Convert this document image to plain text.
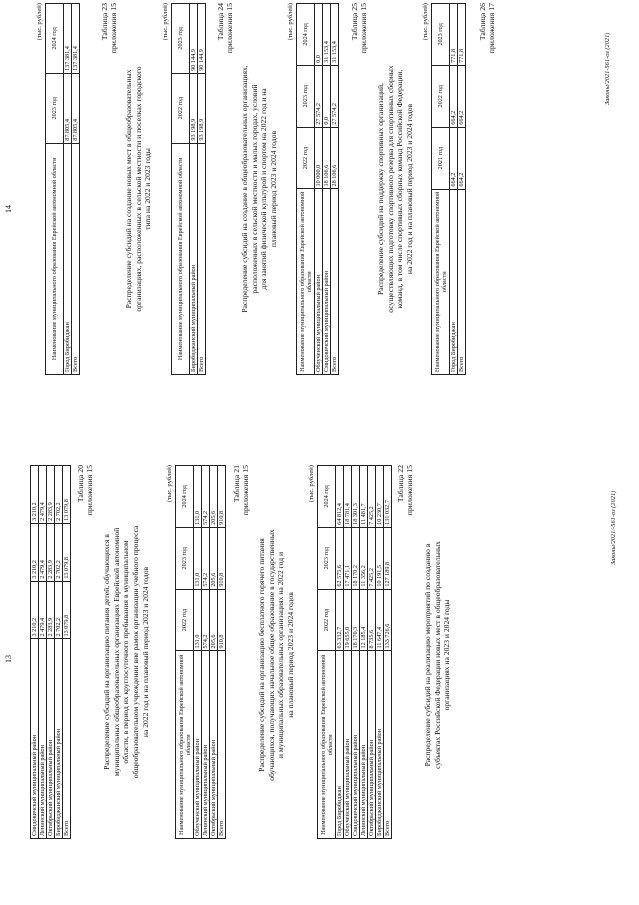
13
Смидовичский муниципальный район	3 210,2	3 210,2	3 210,2
Ленинский муниципальный район	2 479,4	2 479,4	2 479,4
Октябрьский муниципальный район	2 283,9	2 283,9	2 283,9
Биробиджанский муниципальный район	2 702,2	2 702,2	2 702,2
Всего	13 079,8	13 079,8	13 079,8
Таблица 20 приложения 15
Распределение субсидий на организацию питания детей, обучающихся в муниципальных общеобразовательных организациях Еврейской автономной области, в период их круглосуточного пребывания в муниципальном общеобразовательном учреждении вне рамок организации учебного процесса на 2022 год и на плановый период 2023 и 2024 годов
(тыс. рублей)
Наименование муниципального образования Еврейской автономной области	2022 год	2023 год	2024 год
Облученский муниципальный район	131,0	131,0	131,0
Ленинский муниципальный район	574,2	574,2	574,2
Октябрьский муниципальный район	205,6	205,6	205,6
Всего	910,8	910,8	910,8
Таблица 21 приложения 15
Распределение субсидий на организацию бесплатного горячего питания обучающихся, получающих начальное общее образование в государственных и муниципальных образовательных организациях на 2022 год и на плановый период 2023 и 2024 годов
(тыс. рублей)
Наименование муниципального образования Еврейской автономной области	2022 год	2023 год	2024 год
Город Биробиджан	63 332,7	62 575,6	64 812,4
Облученский муниципальный район	19 655,0	17 471,1	18 781,4
Смидовичский муниципальный район	18 170,3	18 170,2	18 301,3
Ленинский муниципальный район	12 185,4	11 356,2	11 481,7
Октябрьский муниципальный район	8 735,6	7 425,2	7 425,2
Биробиджанский муниципальный район	11 647,4	10 191,5	10 230,7
Всего	133 726,6	127 189,8	131 032,7
Таблица 22 приложения 15
Распределение субсидий на реализацию мероприятий по созданию в субъектах Российской Федерации новых мест в общеобразовательных организациях на 2023 и 2024 годы
Законы/2021/-561-оз (2021)
14
(тыс. рублей)
Наименование муниципального образования Еврейской автономной области	2023 год	2024 год
Город Биробиджан	87 805,4	137 381,4
Всего	87 805,4	137 381,4
Таблица 23 приложения 15
Распределение субсидий на создание новых мест в общеобразовательных организациях, расположенных в сельской местности и поселках городского типа на 2022 и 2023 годы
(тыс. рублей)
Наименование муниципального образования Еврейской автономной области	2022 год	2023 год
Биробиджанский муниципальный район	93 198,9	90 144,9
Всего	93 198,9	90 144,9
Таблица 24 приложения 15
Распределение субсидий на создание в общеобразовательных организациях, расположенных в сельской местности и малых городах, условий для занятий физической культурой и спортом на 2022 год и на плановый период 2023 и 2024 годов
(тыс. рублей)
Наименование муниципального образования Еврейской автономной области	2022 год	2023 год	2024 год
Облученский муниципальный район	10 000,0	27 574,2	0,0
Смидовичский муниципальный район	18 106,6	0,0	31 153,4
Всего	28 106,6	27 574,2	31 153,4
Таблица 25 приложения 15
Распределение субсидий на поддержку спортивных организаций, осуществляющих подготовку спортивного резерва для спортивных сборных команд, в том числе спортивных сборных команд Российской Федерации, на 2022 год и на плановый период 2023 и 2024 годов
(тыс. рублей)
Наименование муниципального образования Еврейской автономной области	2021 год	2022 год	2023 год
Город Биробиджан	664,2	664,2	771,8
Всего	664,2	664,2	771,8
Таблица 26 приложения 17
Законы/2021-561-оз (2021)
